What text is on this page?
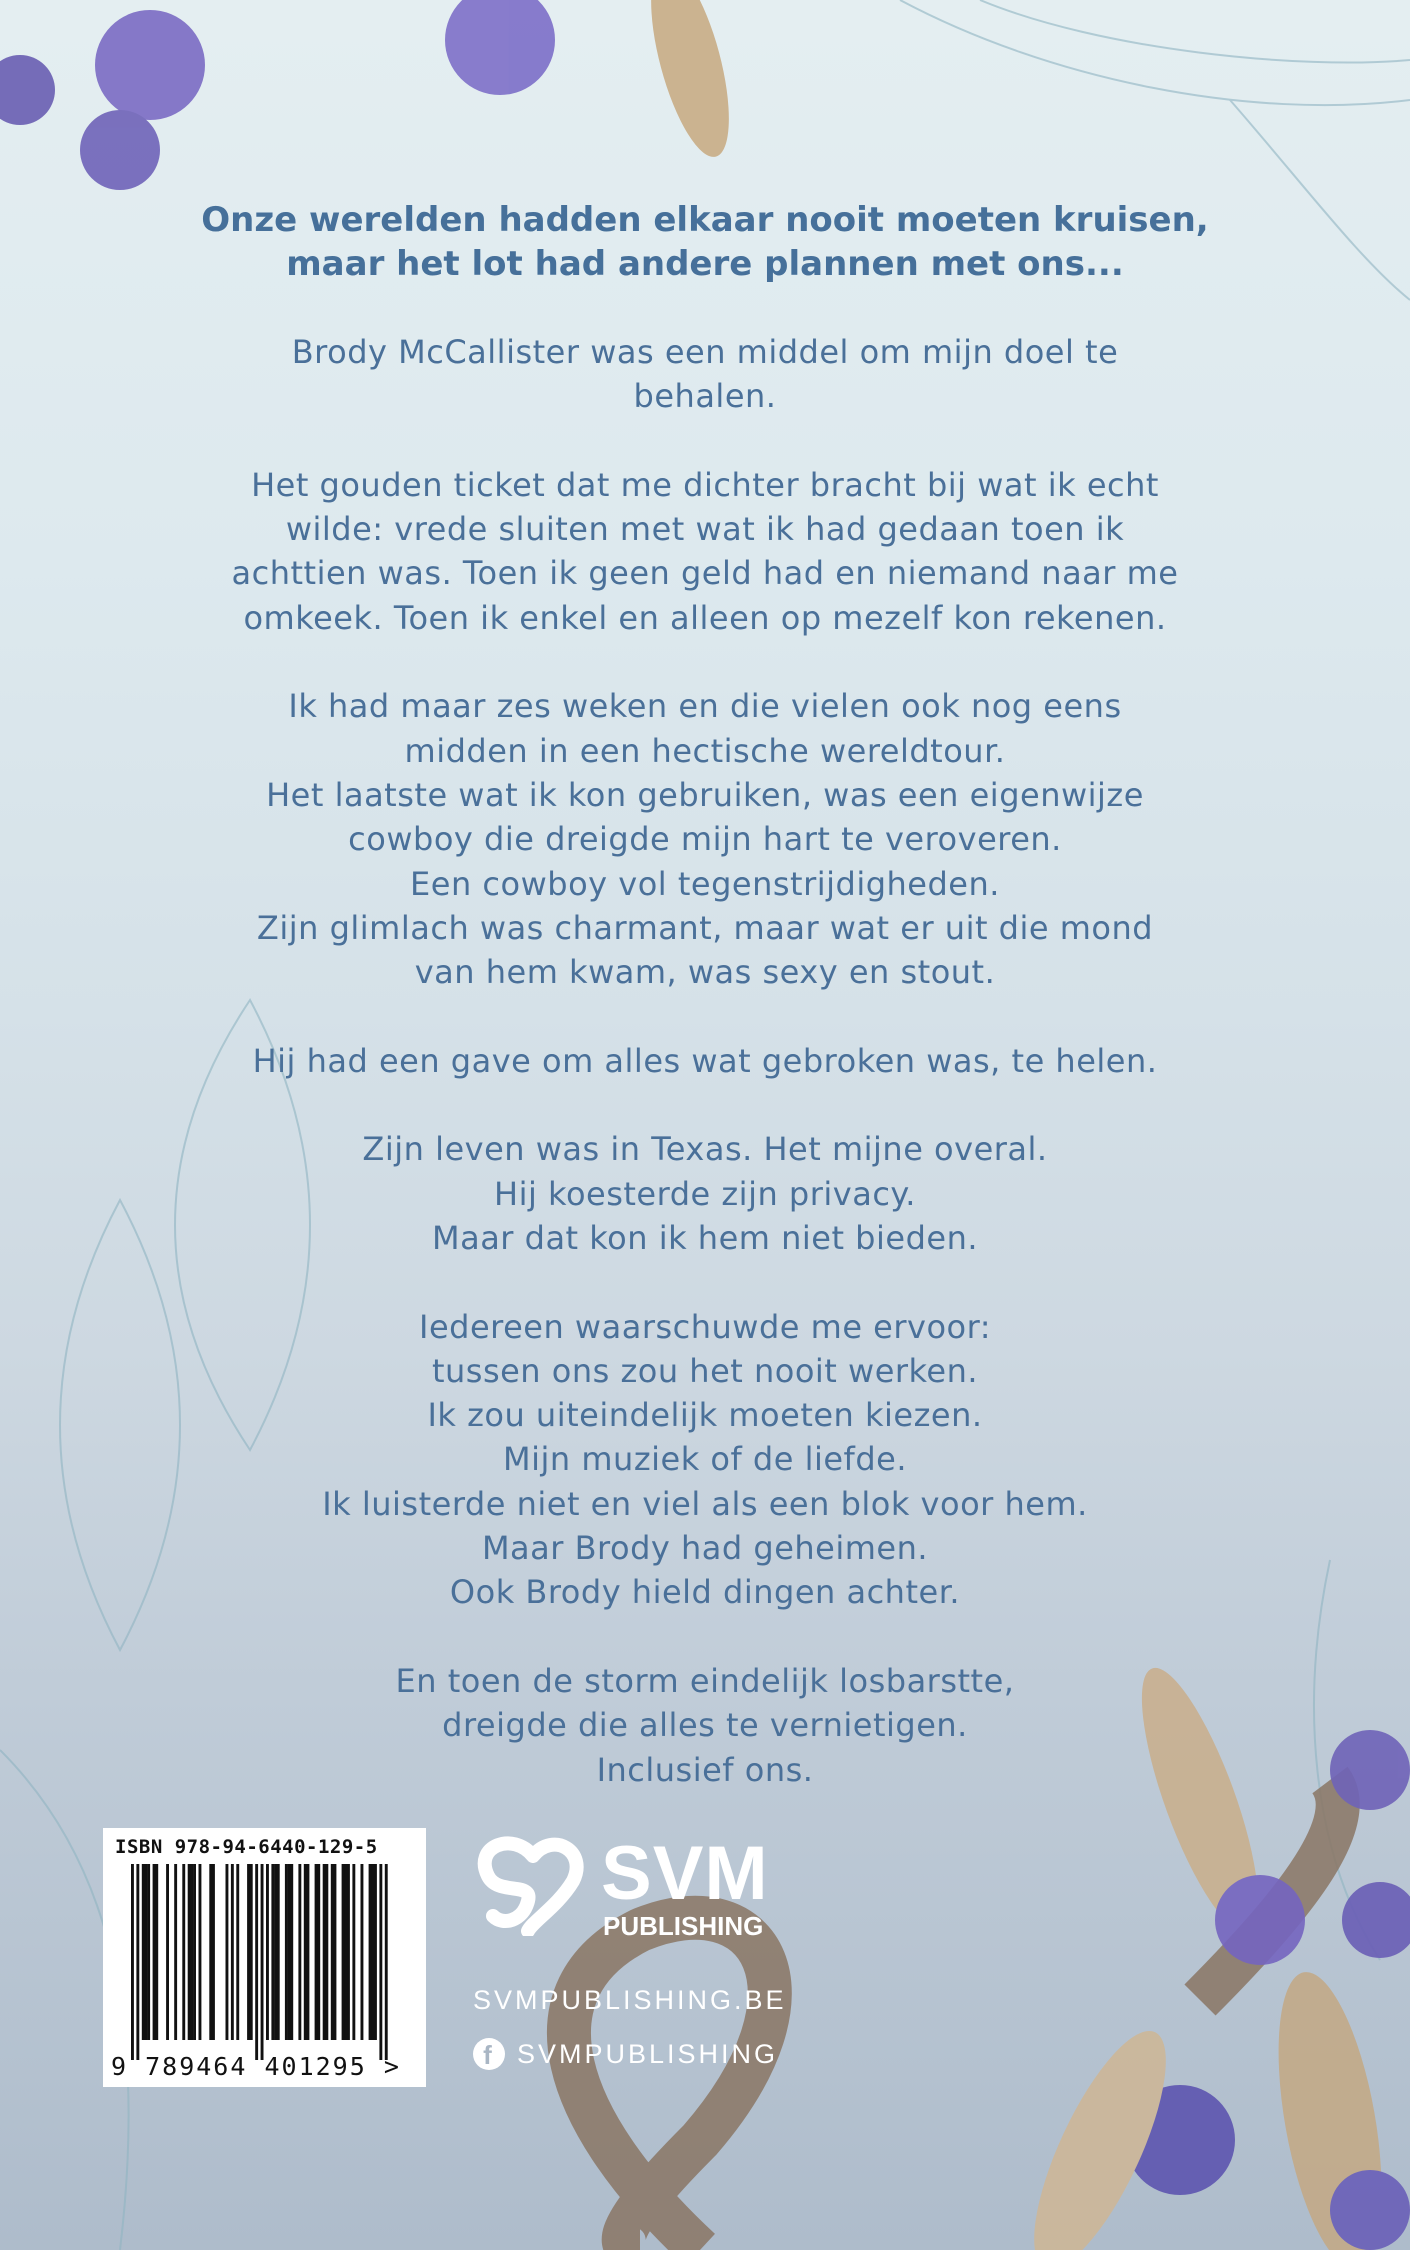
Onze werelden hadden elkaar nooit moeten kruisen,
maar het lot had andere plannen met ons...
Brody McCallister was een middel om mijn doel te
behalen.
Het gouden ticket dat me dichter bracht bij wat ik echt
wilde: vrede sluiten met wat ik had gedaan toen ik
achttien was. Toen ik geen geld had en niemand naar me
omkeek. Toen ik enkel en alleen op mezelf kon rekenen.
Ik had maar zes weken en die vielen ook nog eens
midden in een hectische wereldtour.
Het laatste wat ik kon gebruiken, was een eigenwijze
cowboy die dreigde mijn hart te veroveren.
Een cowboy vol tegenstrijdigheden.
Zijn glimlach was charmant, maar wat er uit die mond
van hem kwam, was sexy en stout.
Hij had een gave om alles wat gebroken was, te helen.
Zijn leven was in Texas. Het mijne overal.
Hij koesterde zijn privacy.
Maar dat kon ik hem niet bieden.
Iedereen waarschuwde me ervoor:
tussen ons zou het nooit werken.
Ik zou uiteindelijk moeten kiezen.
Mijn muziek of de liefde.
Ik luisterde niet en viel als een blok voor hem.
Maar Brody had geheimen.
Ook Brody hield dingen achter.
En toen de storm eindelijk losbarstte,
dreigde die alles te vernietigen.
Inclusief ons.
ISBN 978-94-6440-129-5
9 789464 401295 >
SVM
PUBLISHING
SVMPUBLISHING.BE
f SVMPUBLISHING
